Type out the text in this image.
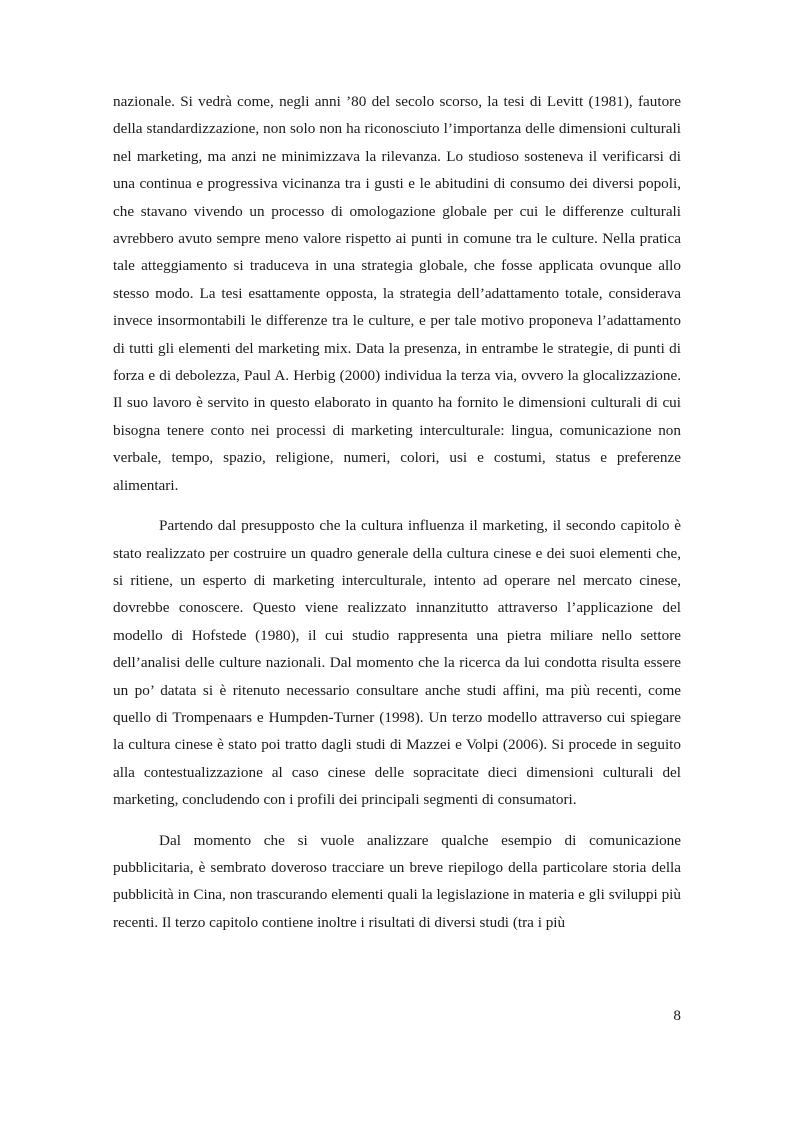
nazionale. Si vedrà come, negli anni ’80 del secolo scorso, la tesi di Levitt (1981), fautore della standardizzazione, non solo non ha riconosciuto l’importanza delle dimensioni culturali nel marketing, ma anzi ne minimizzava la rilevanza. Lo studioso sosteneva il verificarsi di una continua e progressiva vicinanza tra i gusti e le abitudini di consumo dei diversi popoli, che stavano vivendo un processo di omologazione globale per cui le differenze culturali avrebbero avuto sempre meno valore rispetto ai punti in comune tra le culture. Nella pratica tale atteggiamento si traduceva in una strategia globale, che fosse applicata ovunque allo stesso modo. La tesi esattamente opposta, la strategia dell’adattamento totale, considerava invece insormontabili le differenze tra le culture, e per tale motivo proponeva l’adattamento di tutti gli elementi del marketing mix. Data la presenza, in entrambe le strategie, di punti di forza e di debolezza, Paul A. Herbig (2000) individua la terza via, ovvero la glocalizzazione. Il suo lavoro è servito in questo elaborato in quanto ha fornito le dimensioni culturali di cui bisogna tenere conto nei processi di marketing interculturale: lingua, comunicazione non verbale, tempo, spazio, religione, numeri, colori, usi e costumi, status e preferenze alimentari.

Partendo dal presupposto che la cultura influenza il marketing, il secondo capitolo è stato realizzato per costruire un quadro generale della cultura cinese e dei suoi elementi che, si ritiene, un esperto di marketing interculturale, intento ad operare nel mercato cinese, dovrebbe conoscere. Questo viene realizzato innanzitutto attraverso l’applicazione del modello di Hofstede (1980), il cui studio rappresenta una pietra miliare nello settore dell’analisi delle culture nazionali. Dal momento che la ricerca da lui condotta risulta essere un po’ datata si è ritenuto necessario consultare anche studi affini, ma più recenti, come quello di Trompenaars e Humpden-Turner (1998). Un terzo modello attraverso cui spiegare la cultura cinese è stato poi tratto dagli studi di Mazzei e Volpi (2006). Si procede in seguito alla contestualizzazione al caso cinese delle sopracitate dieci dimensioni culturali del marketing, concludendo con i profili dei principali segmenti di consumatori.

Dal momento che si vuole analizzare qualche esempio di comunicazione pubblicitaria, è sembrato doveroso tracciare un breve riepilogo della particolare storia della pubblicità in Cina, non trascurando elementi quali la legislazione in materia e gli sviluppi più recenti. Il terzo capitolo contiene inoltre i risultati di diversi studi (tra i più

8
